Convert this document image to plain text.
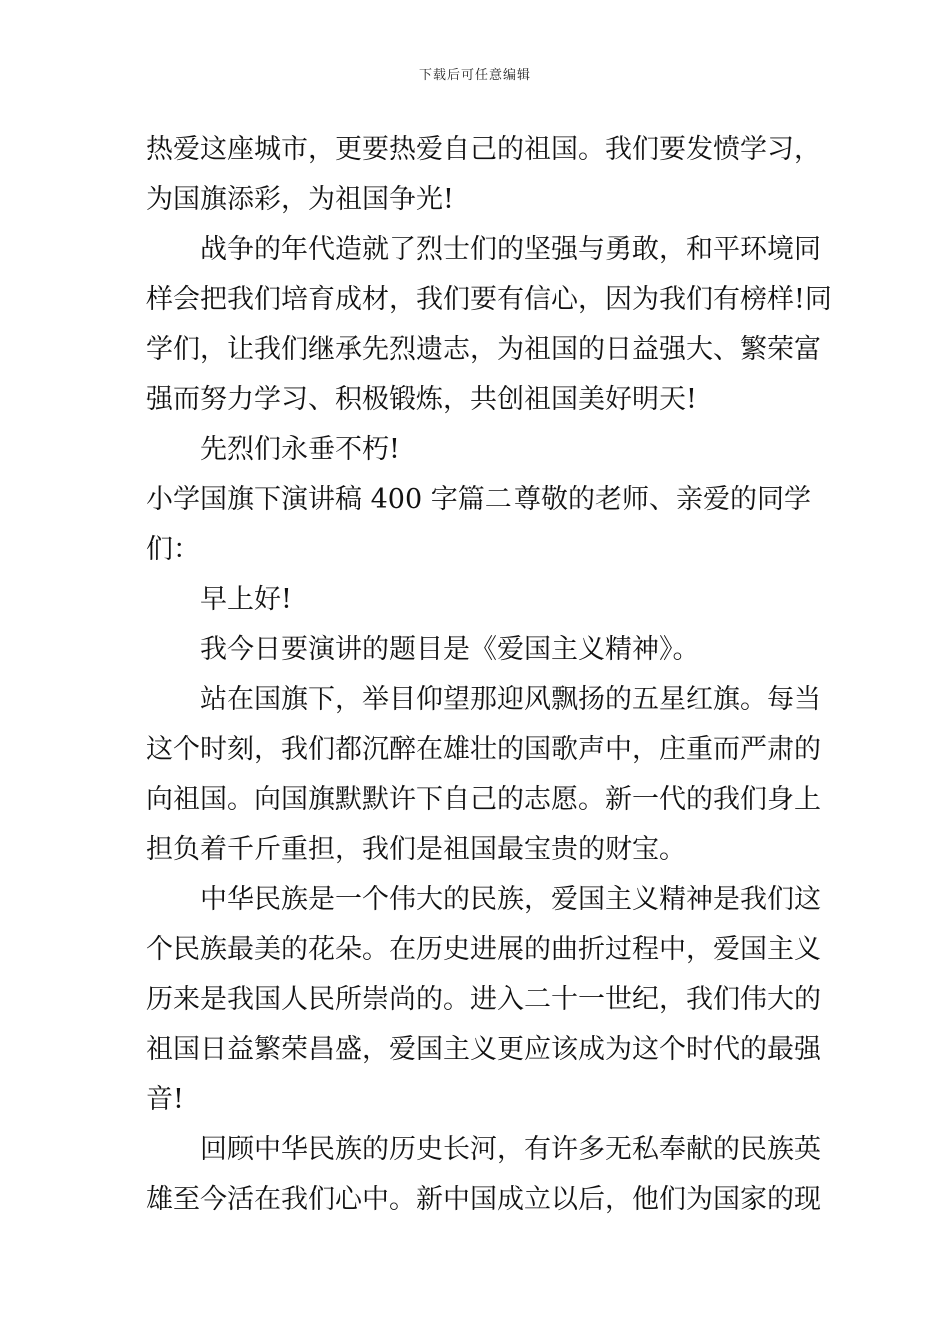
下载后可任意编辑
热爱这座城市，更要热爱自己的祖国。我们要发愤学习，
为国旗添彩，为祖国争光!
战争的年代造就了烈士们的坚强与勇敢，和平环境同
样会把我们培育成材，我们要有信心，因为我们有榜样!同
学们，让我们继承先烈遗志，为祖国的日益强大、繁荣富
强而努力学习、积极锻炼，共创祖国美好明天!
先烈们永垂不朽!
小学国旗下演讲稿 400 字篇二 尊敬的老师、亲爱的同学
们：
早上好!
我今日要演讲的题目是《爱国主义精神》。
站在国旗下，举目仰望那迎风飘扬的五星红旗。每当
这个时刻，我们都沉醉在雄壮的国歌声中，庄重而严肃的
向祖国。向国旗默默许下自己的志愿。新一代的我们身上
担负着千斤重担，我们是祖国最宝贵的财宝。
中华民族是一个伟大的民族，爱国主义精神是我们这
个民族最美的花朵。在历史进展的曲折过程中，爱国主义
历来是我国人民所崇尚的。进入二十一世纪，我们伟大的
祖国日益繁荣昌盛，爱国主义更应该成为这个时代的最强
音!
回顾中华民族的历史长河，有许多无私奉献的民族英
雄至今活在我们心中。新中国成立以后，他们为国家的现
